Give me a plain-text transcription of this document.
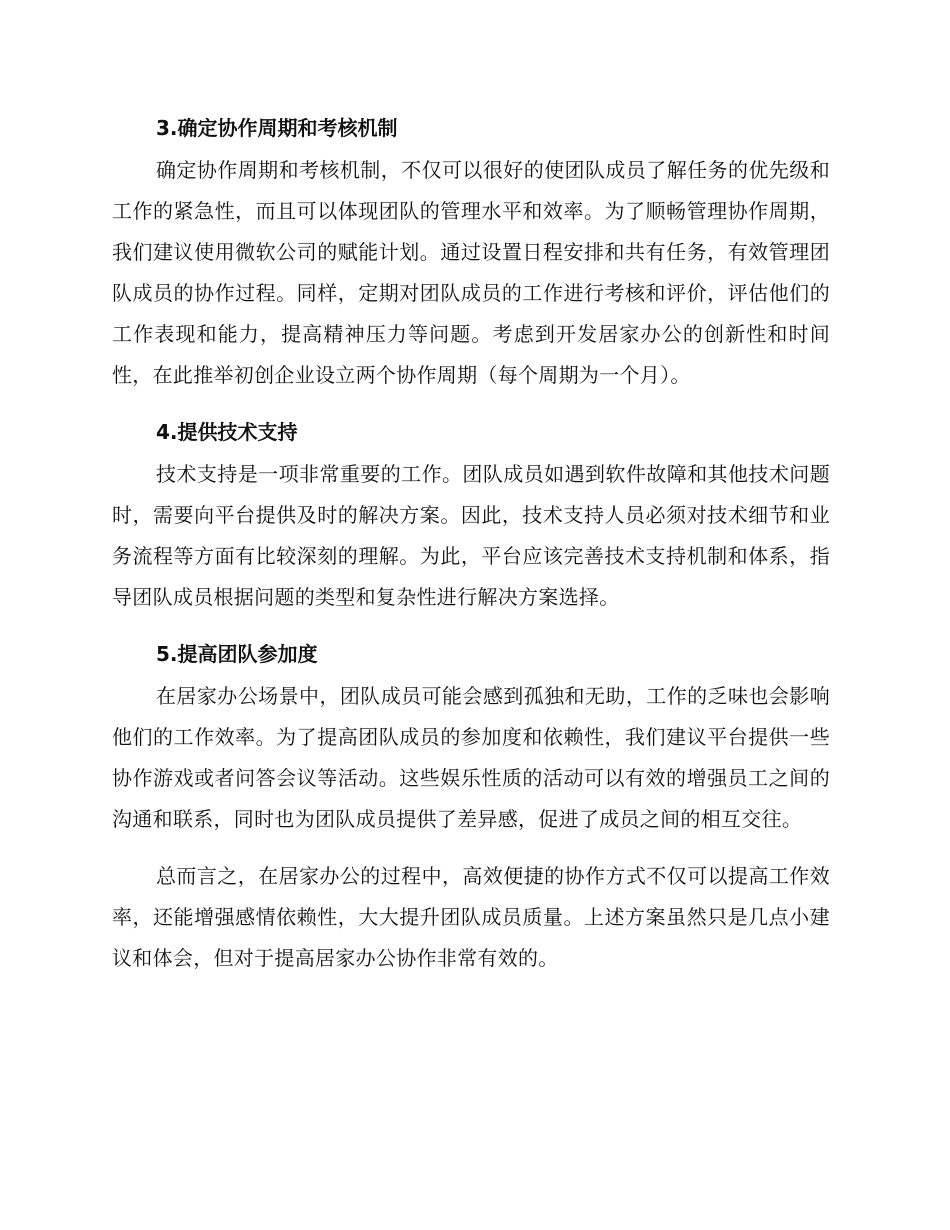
3.确定协作周期和考核机制

确定协作周期和考核机制，不仅可以很好的使团队成员了解任务的优先级和工作的紧急性，而且可以体现团队的管理水平和效率。为了顺畅管理协作周期，我们建议使用微软公司的赋能计划。通过设置日程安排和共有任务，有效管理团队成员的协作过程。同样，定期对团队成员的工作进行考核和评价，评估他们的工作表现和能力，提高精神压力等问题。考虑到开发居家办公的创新性和时间性，在此推举初创企业设立两个协作周期（每个周期为一个月）。

4.提供技术支持

技术支持是一项非常重要的工作。团队成员如遇到软件故障和其他技术问题时，需要向平台提供及时的解决方案。因此，技术支持人员必须对技术细节和业务流程等方面有比较深刻的理解。为此，平台应该完善技术支持机制和体系，指导团队成员根据问题的类型和复杂性进行解决方案选择。

5.提高团队参加度

在居家办公场景中，团队成员可能会感到孤独和无助，工作的乏味也会影响他们的工作效率。为了提高团队成员的参加度和依赖性，我们建议平台提供一些协作游戏或者问答会议等活动。这些娱乐性质的活动可以有效的增强员工之间的沟通和联系，同时也为团队成员提供了差异感，促进了成员之间的相互交往。

总而言之，在居家办公的过程中，高效便捷的协作方式不仅可以提高工作效率，还能增强感情依赖性，大大提升团队成员质量。上述方案虽然只是几点小建议和体会，但对于提高居家办公协作非常有效的。
